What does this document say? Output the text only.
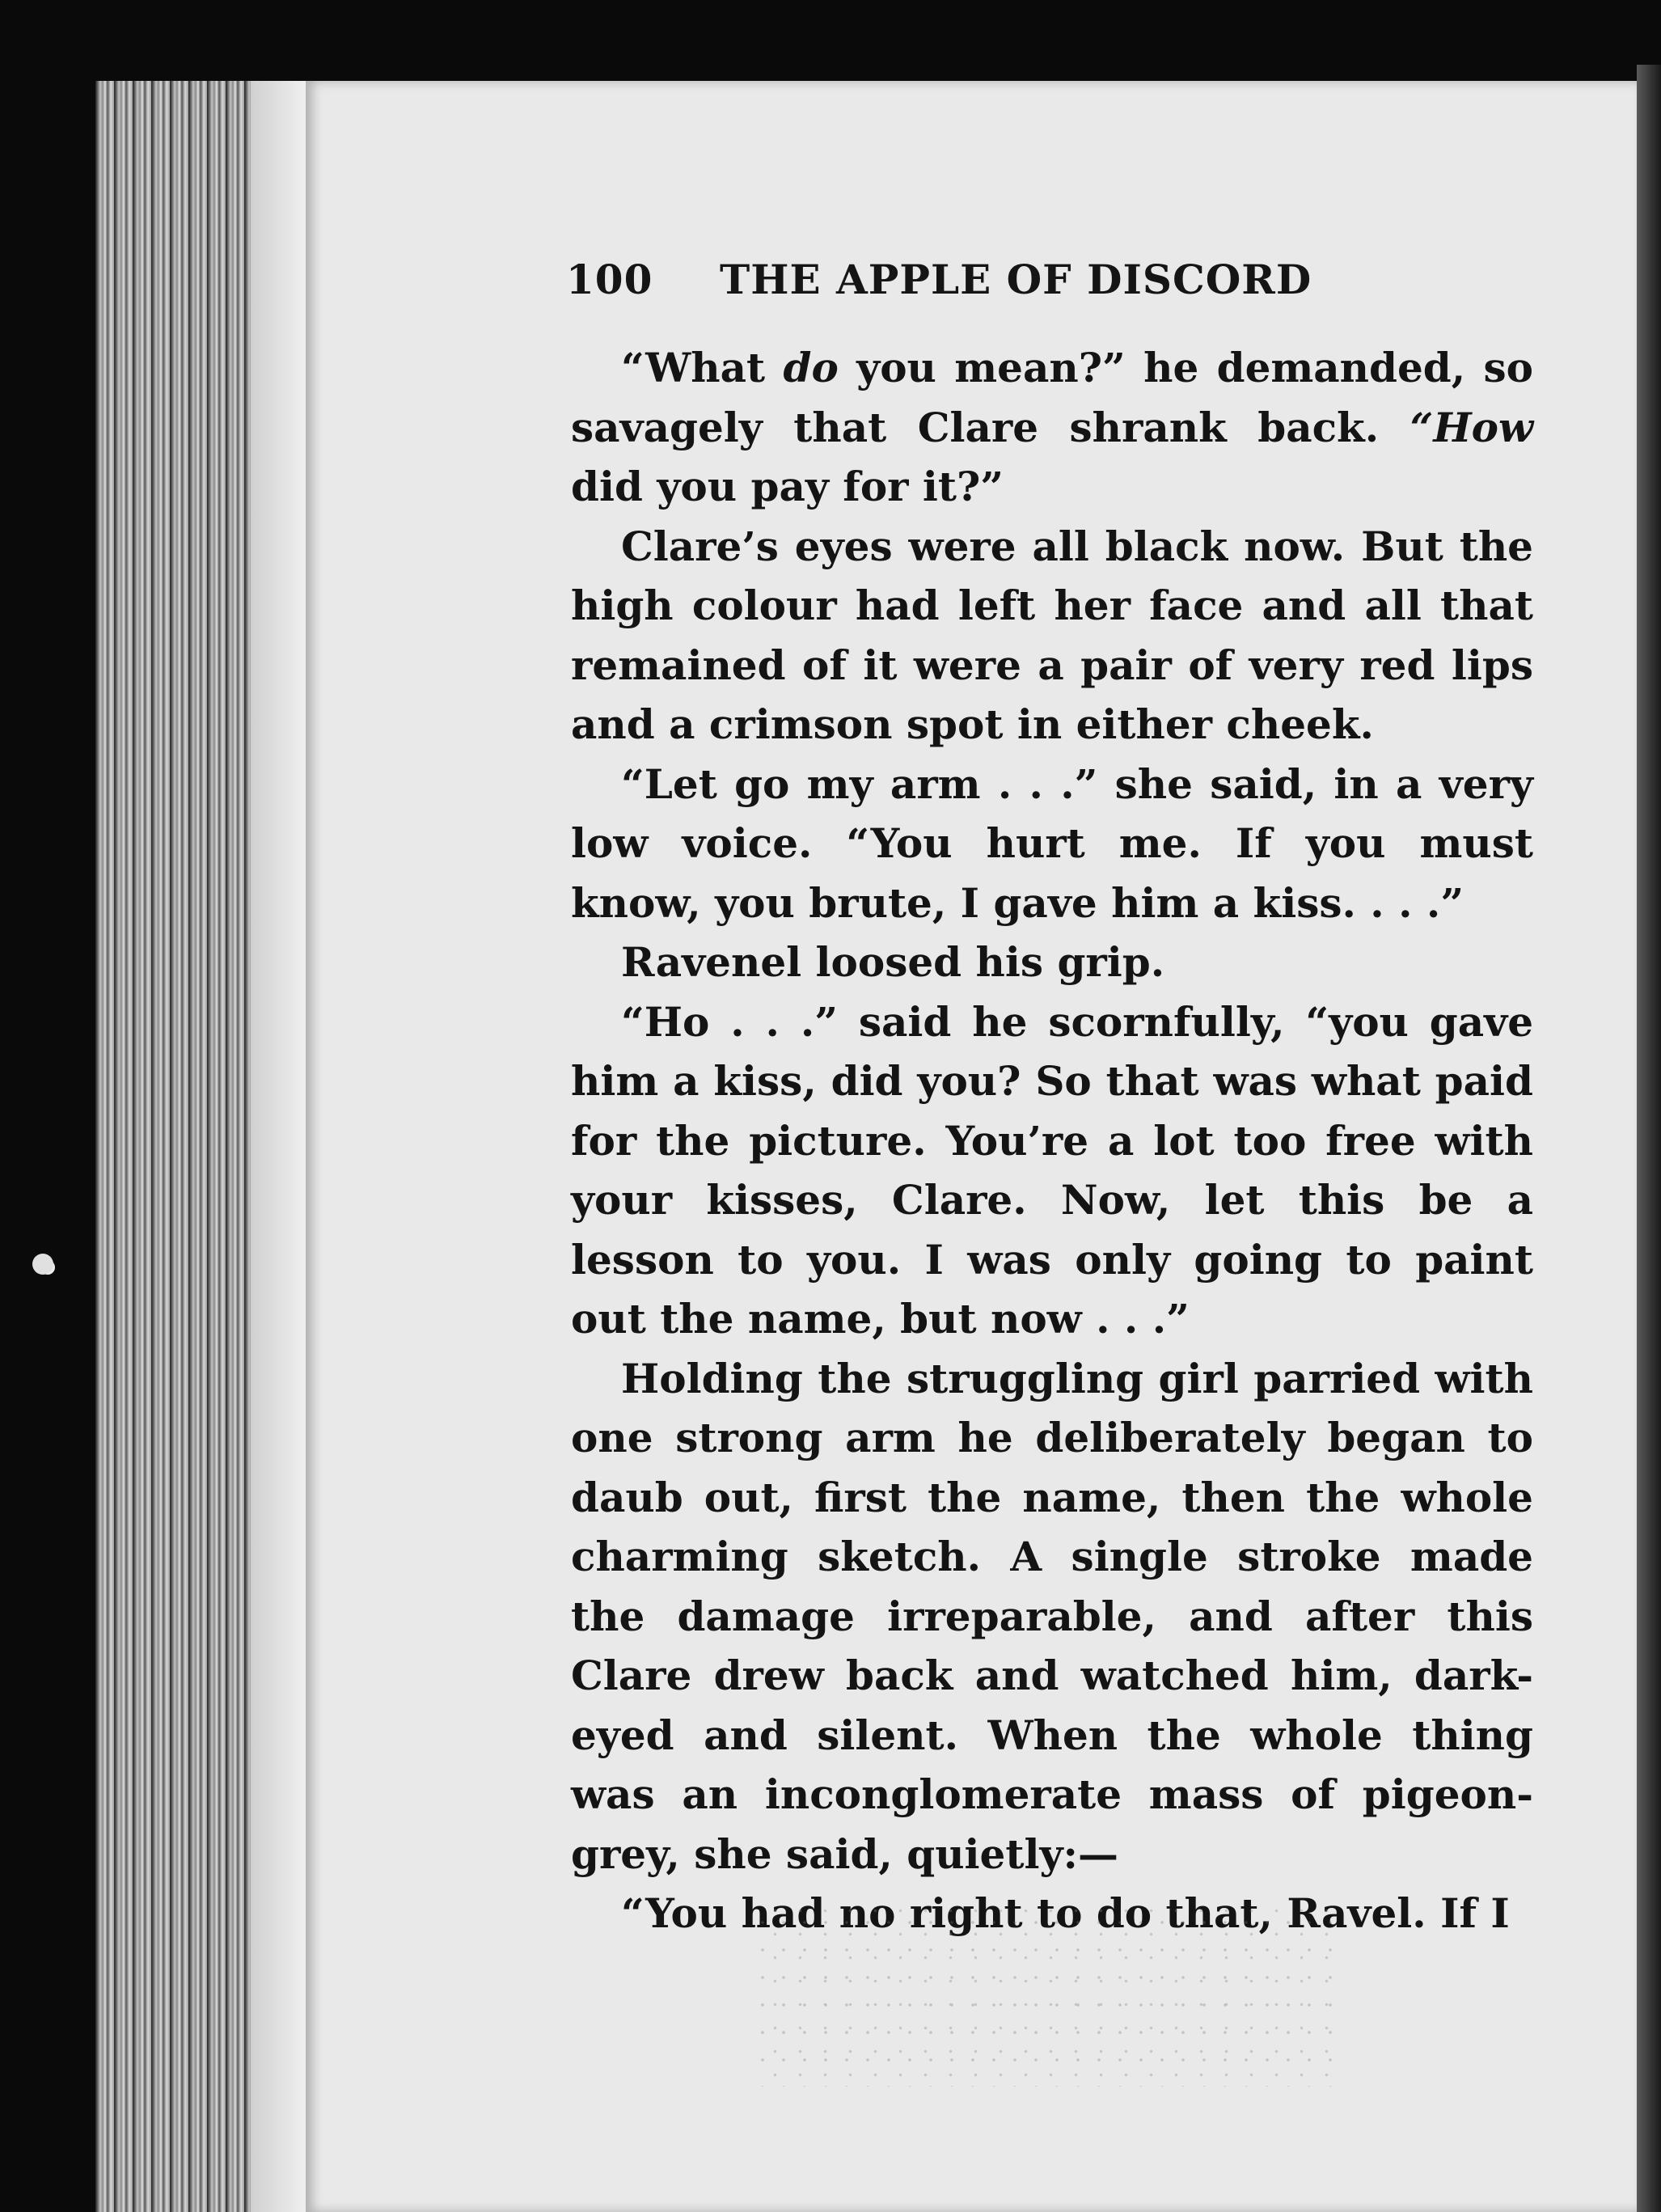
100	THE APPLE OF DISCORD

“What do you mean?” he demanded, so savagely that Clare shrank back. “How did you pay for it?”

Clare’s eyes were all black now. But the high colour had left her face and all that remained of it were a pair of very red lips and a crimson spot in either cheek.

“Let go my arm . . .” she said, in a very low voice. “You hurt me. If you must know, you brute, I gave him a kiss. . . .”

Ravenel loosed his grip.

“Ho . . .” said he scornfully, “you gave him a kiss, did you? So that was what paid for the picture. You’re a lot too free with your kisses, Clare. Now, let this be a lesson to you. I was only going to paint out the name, but now . . .”

Holding the struggling girl parried with one strong arm he deliberately began to daub out, first the name, then the whole charming sketch. A single stroke made the damage irreparable, and after this Clare drew back and watched him, dark-eyed and silent. When the whole thing was an inconglomerate mass of pigeon-grey, she said, quietly:—

“You had no right to do that, Ravel. If I
